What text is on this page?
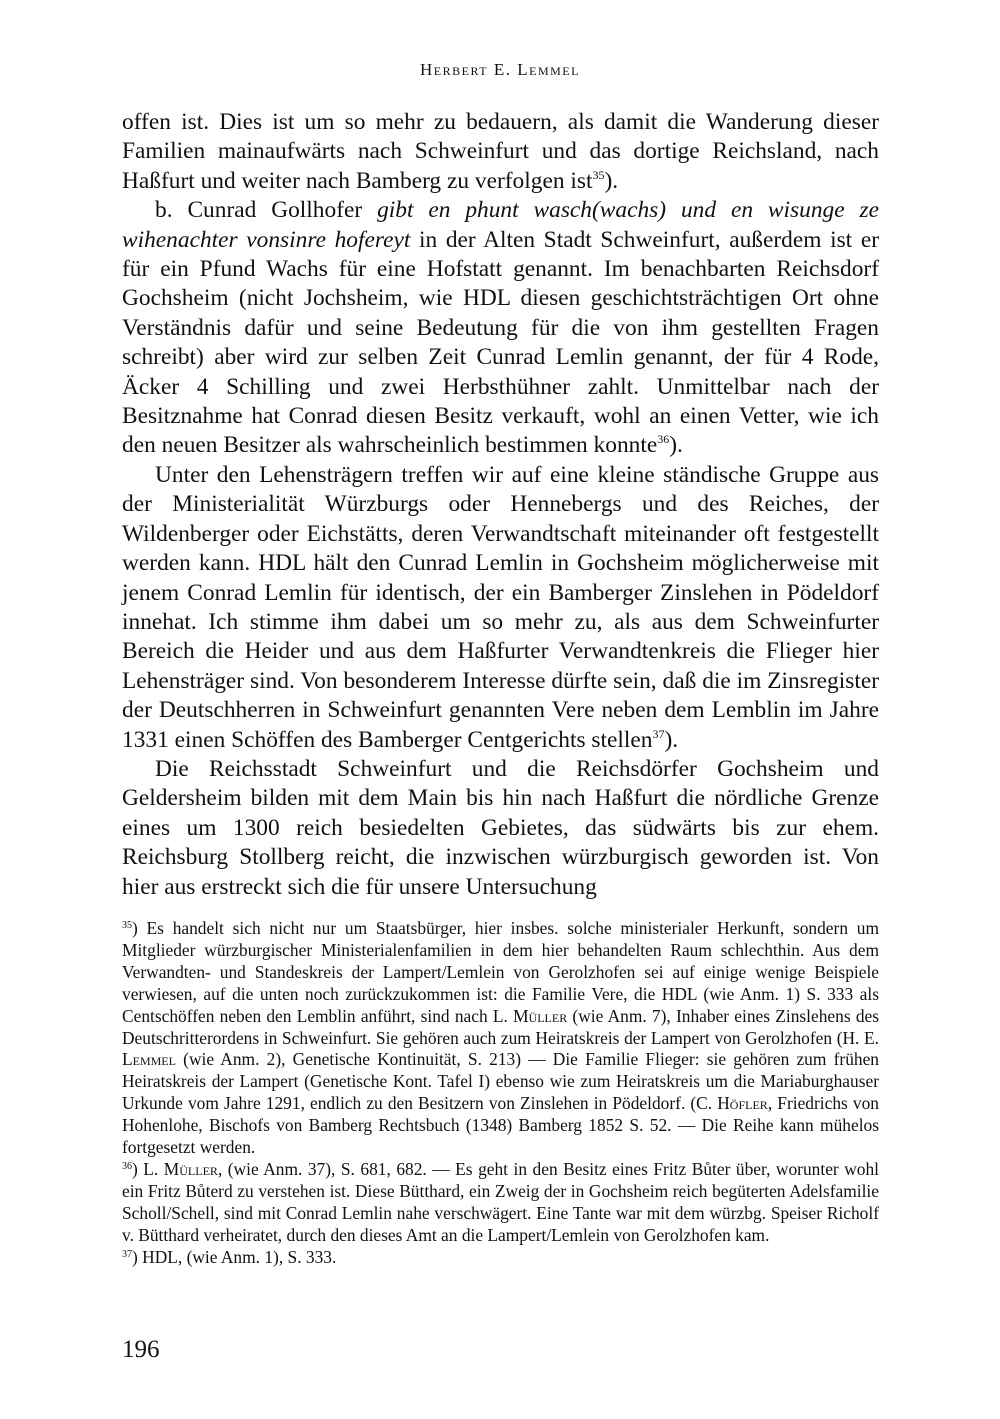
Herbert E. Lemmel

offen ist. Dies ist um so mehr zu bedauern, als damit die Wanderung dieser Familien mainaufwärts nach Schweinfurt und das dortige Reichsland, nach Haßfurt und weiter nach Bamberg zu verfolgen ist$^{35}$).

b. Cunrad Gollhofer gibt en phunt wasch(wachs) und en wisunge ze wihenachter vonsinre hofereyt in der Alten Stadt Schweinfurt, außerdem ist er für ein Pfund Wachs für eine Hofstatt genannt. Im benachbarten Reichsdorf Gochsheim (nicht Jochsheim, wie HDL diesen geschichtsträchtigen Ort ohne Verständnis dafür und seine Bedeutung für die von ihm gestellten Fragen schreibt) aber wird zur selben Zeit Cunrad Lemlin genannt, der für 4 Rode, Äcker 4 Schilling und zwei Herbsthühner zahlt. Unmittelbar nach der Besitznahme hat Conrad diesen Besitz verkauft, wohl an einen Vetter, wie ich den neuen Besitzer als wahrscheinlich bestimmen konnte$^{36}$).

Unter den Lehensträgern treffen wir auf eine kleine ständische Gruppe aus der Ministerialität Würzburgs oder Hennebergs und des Reiches, der Wildenberger oder Eichstätts, deren Verwandtschaft miteinander oft festgestellt werden kann. HDL hält den Cunrad Lemlin in Gochsheim möglicherweise mit jenem Conrad Lemlin für identisch, der ein Bamberger Zinslehen in Pödeldorf innehat. Ich stimme ihm dabei um so mehr zu, als aus dem Schweinfurter Bereich die Heider und aus dem Haßfurter Verwandtenkreis die Flieger hier Lehensträger sind. Von besonderem Interesse dürfte sein, daß die im Zinsregister der Deutschherren in Schweinfurt genannten Vere neben dem Lemblin im Jahre 1331 einen Schöffen des Bamberger Centgerichts stellen$^{37}$).

Die Reichsstadt Schweinfurt und die Reichsdörfer Gochsheim und Geldersheim bilden mit dem Main bis hin nach Haßfurt die nördliche Grenze eines um 1300 reich besiedelten Gebietes, das südwärts bis zur ehem. Reichsburg Stollberg reicht, die inzwischen würzburgisch geworden ist. Von hier aus erstreckt sich die für unsere Untersuchung

$^{35}$) Es handelt sich nicht nur um Staatsbürger, hier insbes. solche ministerialer Herkunft, sondern um Mitglieder würzburgischer Ministerialenfamilien in dem hier behandelten Raum schlechthin. Aus dem Verwandten- und Standeskreis der Lampert/Lemlein von Gerolzhofen sei auf einige wenige Beispiele verwiesen, auf die unten noch zurückzukommen ist: die Familie Vere, die HDL (wie Anm. 1) S. 333 als Centschöffen neben den Lemblin anführt, sind nach L. Müller (wie Anm. 7), Inhaber eines Zinslehens des Deutschritterordens in Schweinfurt. Sie gehören auch zum Heiratskreis der Lampert von Gerolzhofen (H. E. Lemmel (wie Anm. 2), Genetische Kontinuität, S. 213) — Die Familie Flieger: sie gehören zum frühen Heiratskreis der Lampert (Genetische Kont. Tafel I) ebenso wie zum Heiratskreis um die Mariaburghauser Urkunde vom Jahre 1291, endlich zu den Besitzern von Zinslehen in Pödeldorf. (C. Höfler, Friedrichs von Hohenlohe, Bischofs von Bamberg Rechtsbuch (1348) Bamberg 1852 S. 52. — Die Reihe kann mühelos fortgesetzt werden.

$^{36}$) L. Müller, (wie Anm. 37), S. 681, 682. — Es geht in den Besitz eines Fritz Bůter über, worunter wohl ein Fritz Bůterd zu verstehen ist. Diese Bütthard, ein Zweig der in Gochsheim reich begüterten Adelsfamilie Scholl/Schell, sind mit Conrad Lemlin nahe verschwägert. Eine Tante war mit dem würzbg. Speiser Richolf v. Bütthard verheiratet, durch den dieses Amt an die Lampert/Lemlein von Gerolzhofen kam.

$^{37}$) HDL, (wie Anm. 1), S. 333.

196
